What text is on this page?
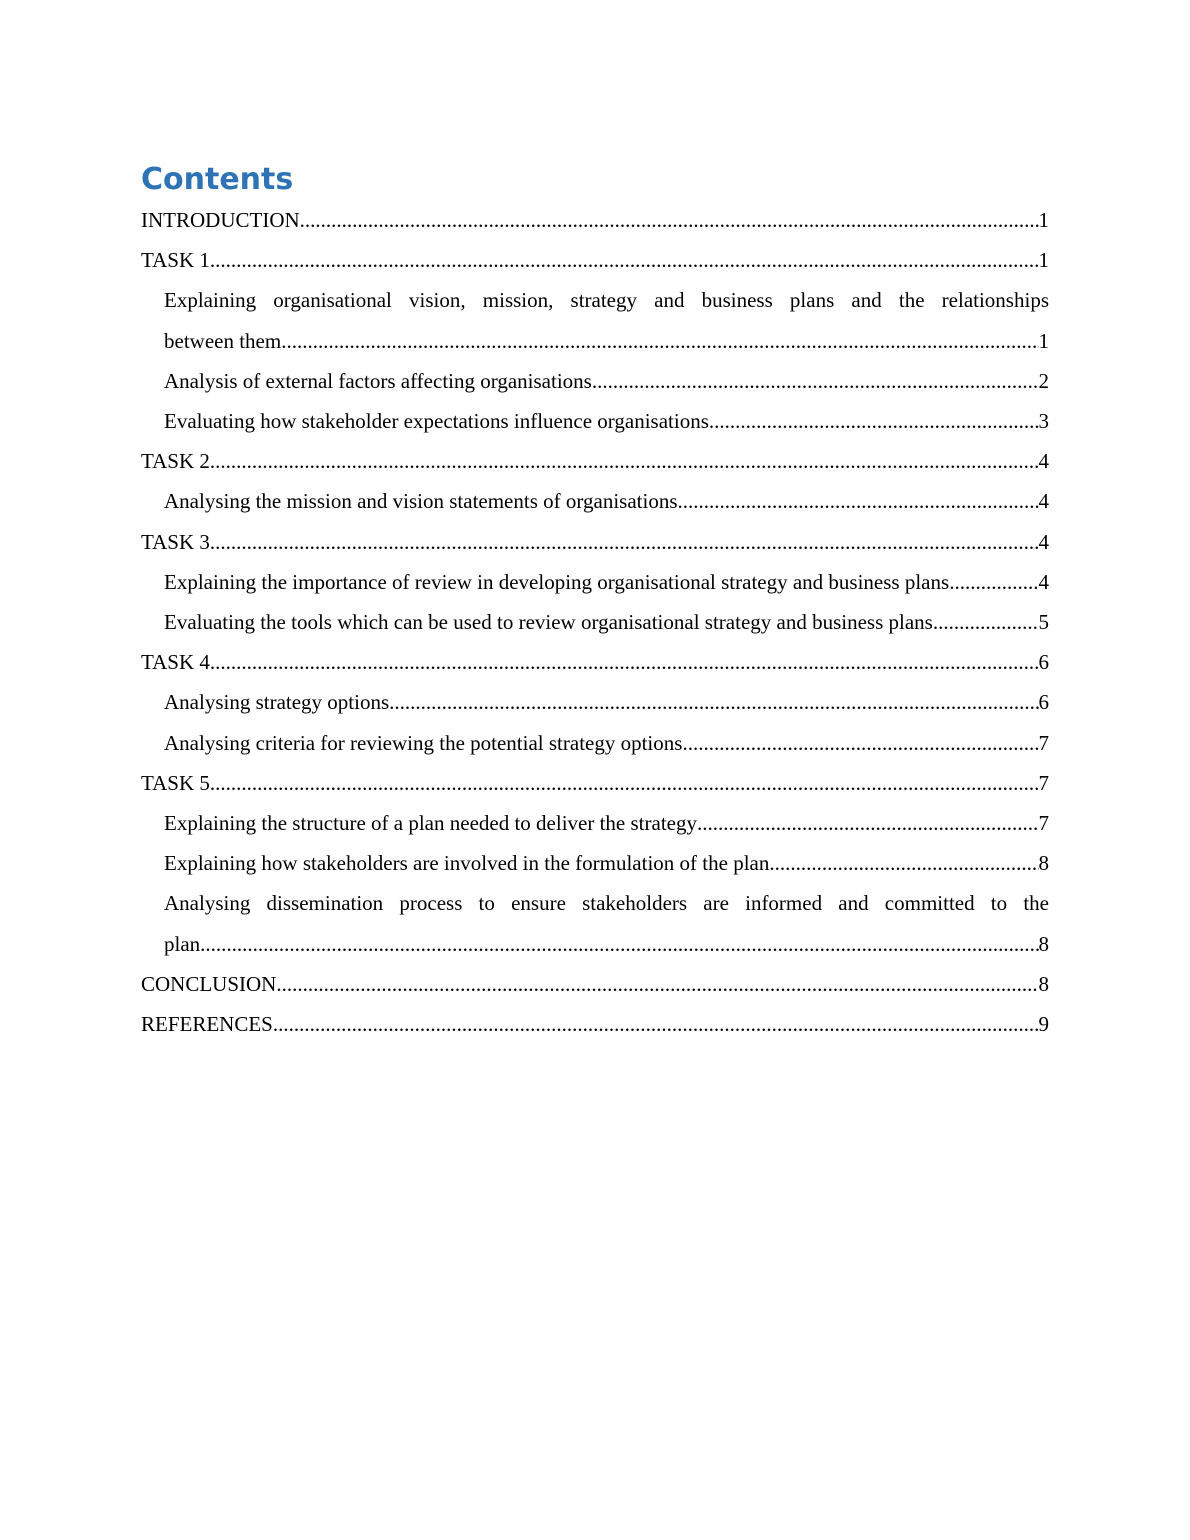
Contents
INTRODUCTION .....	1
TASK 1 .....	1
Explaining organisational vision, mission, strategy and business plans and the relationships
between them .....	1
Analysis of external factors affecting organisations .....	2
Evaluating how stakeholder expectations influence organisations .....	3
TASK 2 .....	4
Analysing the mission and vision statements of organisations .....	4
TASK 3 .....	4
Explaining the importance of review in developing organisational strategy and business plans .....	4
Evaluating the tools which can be used to review organisational strategy and business plans .....	5
TASK 4 .....	6
Analysing strategy options .....	6
Analysing criteria for reviewing the potential strategy options .....	7
TASK 5 .....	7
Explaining the structure of a plan needed to deliver the strategy .....	7
Explaining how stakeholders are involved in the formulation of the plan .....	8
Analysing dissemination process to ensure stakeholders are informed and committed to the
plan .....	8
CONCLUSION .....	8
REFERENCES .....	9
